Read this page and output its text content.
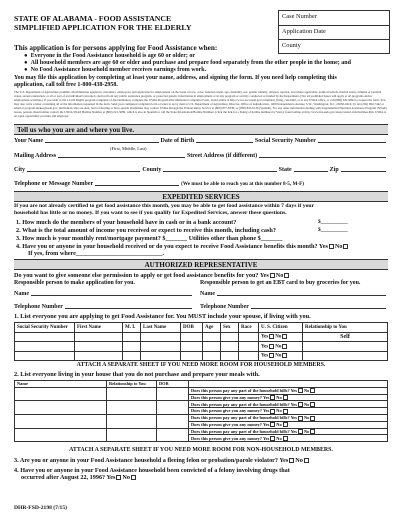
STATE OF ALABAMA - FOOD ASSISTANCE
SIMPLIFIED APPLICATION FOR THE ELDERLY
Case Number
Application Date
County
This application is for persons applying for Food Assistance when:
● Everyone in the Food Assistance household is age 60 or older; or
● All household members are age 60 or older and purchase and prepare food separately from the other people in the home; and
● No Food Assistance household member receives earnings from work.
You may file this application by completing at least your name, address, and signing the form. If you need help completing this
application, call toll free 1-800-438-2958.
The U.S. Department of Agriculture prohibits discrimination against its customers, employees, and applicants for employment on the bases of race, color, national origin, age, disability, sex, gender identity, religion, reprisal, and where applicable, political beliefs, marital status, familial or parental status, sexual orientation, or all or part of an individual's income is derived from any public assistance program, or protected genetic information in employment or in any program or activity conducted or funded by the Department. (Not all prohibited bases will apply to all programs and/or employment activities.) If you wish to file a Civil Rights program complaint of discrimination, complete the USDA Program Discrimination Complaint Form, found online at http://www.ascr.usda.gov/complaint_filing_cust.html, or at any USDA office, or call (866) 632-9992 to request the form. You may also write a letter containing all of the information requested in the form. Send your completed complaint form or letter to us by mail at U.S. Department of Agriculture, Director, Office of Adjudication, 1400 Independence Avenue, S.W., Washington, D.C. 20250-9410, by fax (202) 690-7442 or email at program.intake@usda.gov. Individuals who are deaf, hard of hearing or have speech disabilities may contact USDA through the Federal Relay Service at (800) 877-8339; or (800) 845-6136 (Spanish). For any other information dealing with Supplemental Nutrition Assistance Program (SNAP) issues, persons should either contact the USDA SNAP Hotline Number at (800) 221-5689, which is also in Spanish or call the State Information/Hotline Numbers (click the link for a listing of hotline numbers by State); found online at http://www.fns.usda.gov/snap/contact-info/hotlines.htm. USDA is an equal opportunity provider and employer.
Tell us who you are and where you live.
Your Name	Date of Birth	Social Security Number
(First, Middle, Last)
Mailing Address	Street Address (if different)
City	County	State	Zip
Telephone or Message Number	(We must be able to reach you at this number 8-5, M-F)
EXPEDITED SERVICES
If you are not already certified to get food assistance this month, you may be able to get food assistance within 7 days if your
household has little or no money. If you want to see if you qualify for Expedited Services, answer these questions.
1. How much do the members of your household have in cash or in a bank account?	$__________
2. What is the total amount of income you received or expect to receive this month, including cash?	$__________
3. How much is your monthly rent/mortgage payment? $_______ Utilities other than phone $_______
4. Have you or anyone in your household received or do you expect to receive Food Assistance benefits this month? Yes No
If yes, from where____________________________.
AUTHORIZED REPRESENTATIVE
Do you want to give someone else permission to apply or get food assistance benefits for you? Yes No
Responsible person to make application for you.	Responsible person to get an EBT card to buy groceries for you.
Name	Name
Telephone Number	Telephone Number
1. List everyone you are applying to get Food Assistance for. You MUST include your spouse, if living with you.
Social Security Number	First Name	M. I.	Last Name	DOB	Age	Sex	Race	U. S. Citizen	Relationship to You
								Yes No	Self
								Yes No	
								Yes No	
ATTACH A SEPARATE SHEET IF YOU NEED MORE ROOM FOR HOUSEHOLD MEMBERS.
2. List everyone living in your house that you do not purchase and prepare your meals with.
Name	Relationship to You	DOB	
			Does this person pay any part of the household bills? Yes No
			Does this person give you any money? Yes No
			Does this person pay any part of the household bills? Yes No
			Does this person give you any money? Yes No
			Does this person pay any part of the household bills? Yes No
			Does this person give you any money? Yes No
			Does this person pay any part of the household bills? Yes No
			Does this person give you any money? Yes No
ATTACH A SEPARATE SHEET IF YOU NEED MORE ROOM FOR NON-HOUSEHOLD MEMBERS.
3. Are you or anyone in your Food Assistance household a fleeing felon or probation/parole violator? Yes No
4. Have you or anyone in your Food Assistance household been convicted of a felony involving drugs that
occurred after August 22, 1996? Yes No
DHR-FSD-2198 (7/15)
